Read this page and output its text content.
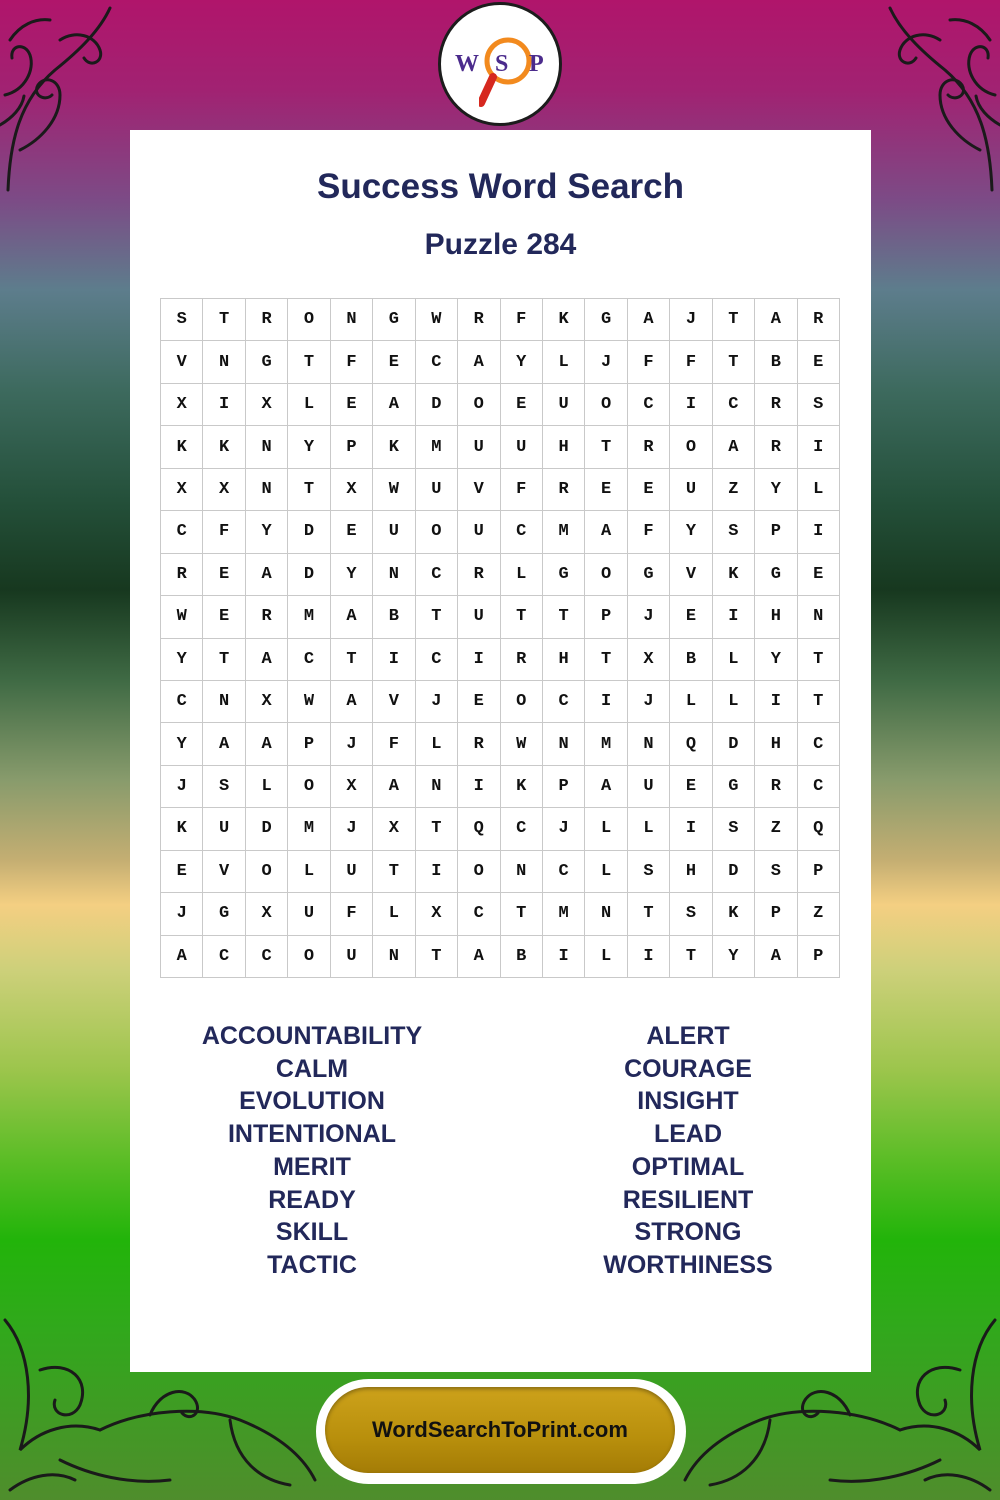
W S P
Success Word Search
Puzzle 284
S	T	R	O	N	G	W	R	F	K	G	A	J	T	A	R
V	N	G	T	F	E	C	A	Y	L	J	F	F	T	B	E
X	I	X	L	E	A	D	O	E	U	O	C	I	C	R	S
K	K	N	Y	P	K	M	U	U	H	T	R	O	A	R	I
X	X	N	T	X	W	U	V	F	R	E	E	U	Z	Y	L
C	F	Y	D	E	U	O	U	C	M	A	F	Y	S	P	I
R	E	A	D	Y	N	C	R	L	G	O	G	V	K	G	E
W	E	R	M	A	B	T	U	T	T	P	J	E	I	H	N
Y	T	A	C	T	I	C	I	R	H	T	X	B	L	Y	T
C	N	X	W	A	V	J	E	O	C	I	J	L	L	I	T
Y	A	A	P	J	F	L	R	W	N	M	N	Q	D	H	C
J	S	L	O	X	A	N	I	K	P	A	U	E	G	R	C
K	U	D	M	J	X	T	Q	C	J	L	L	I	S	Z	Q
E	V	O	L	U	T	I	O	N	C	L	S	H	D	S	P
J	G	X	U	F	L	X	C	T	M	N	T	S	K	P	Z
A	C	C	O	U	N	T	A	B	I	L	I	T	Y	A	P
ACCOUNTABILITY
CALM
EVOLUTION
INTENTIONAL
MERIT
READY
SKILL
TACTIC
ALERT
COURAGE
INSIGHT
LEAD
OPTIMAL
RESILIENT
STRONG
WORTHINESS
WordSearchToPrint.com
